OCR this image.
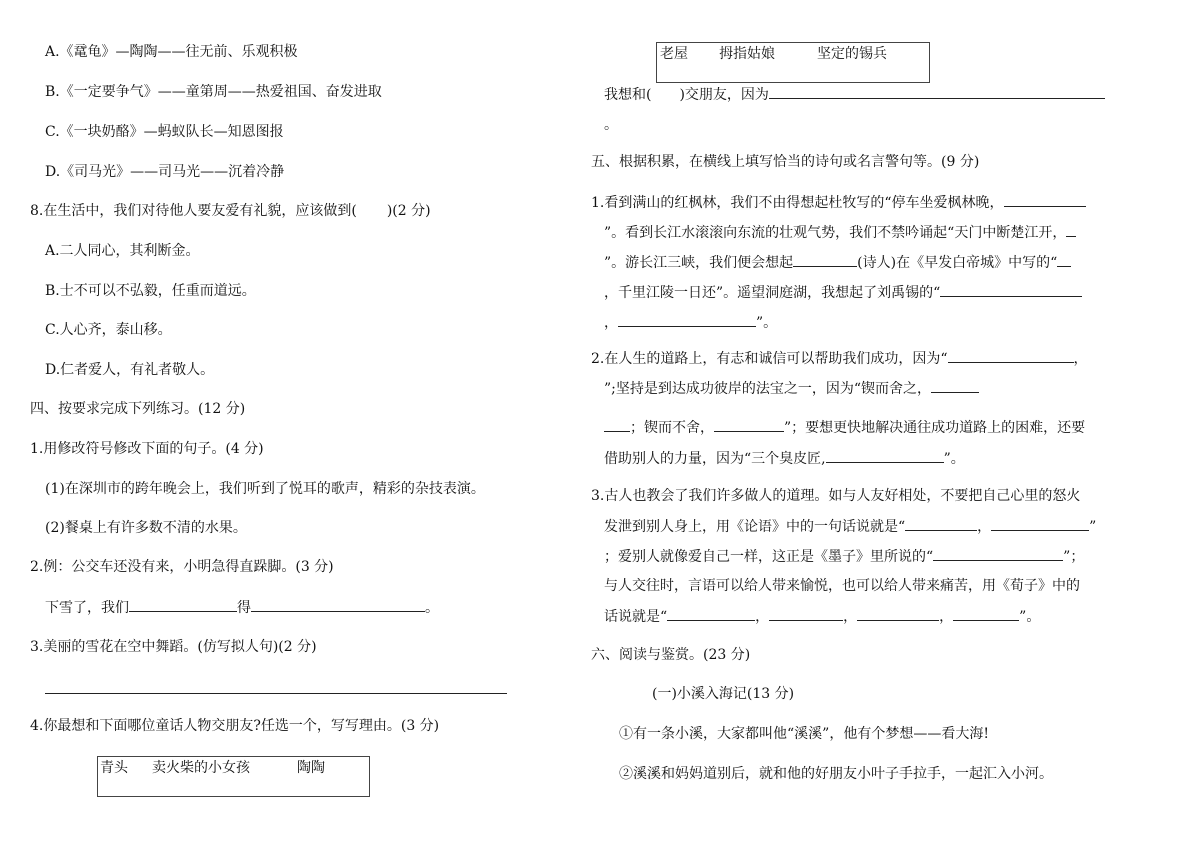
A.《鼋龟》—陶陶——往无前、乐观积极
B.《一定要争气》——童第周——热爱祖国、奋发进取
C.《一块奶酪》—蚂蚁队长—知恩图报
D.《司马光》——司马光——沉着冷静
8.在生活中，我们对待他人要友爱有礼貌，应该做到( )(2 分)
A.二人同心，其利断金。
B.士不可以不弘毅，任重而道远。
C.人心齐，泰山移。
D.仁者爱人，有礼者敬人。
四、按要求完成下列练习。(12 分)
1.用修改符号修改下面的句子。(4 分)
(1)在深圳市的跨年晚会上，我们听到了悦耳的歌声，精彩的杂技表演。
(2)餐桌上有许多数不清的水果。
2.例：公交车还没有来，小明急得直跺脚。(3 分)
下雪了，我们	得	。
3.美丽的雪花在空中舞蹈。(仿写拟人句)(2 分)
4.你最想和下面哪位童话人物交朋友?任选一个，写写理由。(3 分)
青头 卖火柴的小女孩	陶陶
老屋 拇指姑娘	坚定的锡兵
我想和( )交朋友，因为
。
五、根据积累，在横线上填写恰当的诗句或名言警句等。(9 分)
1.看到满山的红枫林，我们不由得想起杜牧写的“停车坐爱枫林晚，
”。看到长江水滚滚向东流的壮观气势，我们不禁吟诵起“天门中断楚江开，
”。游长江三峡，我们便会想起	(诗人)在《早发白帝城》中写的“
，千里江陵一日还”。遥望洞庭湖，我想起了刘禹锡的“
，	”。
2.在人生的道路上，有志和诚信可以帮助我们成功，因为“	，
”;坚持是到达成功彼岸的法宝之一，因为“锲而舍之，
；锲而不舍，	”；要想更快地解决通往成功道路上的困难，还要
借助别人的力量，因为“三个臭皮匠,	”。
3.古人也教会了我们许多做人的道理。如与人友好相处，不要把自己心里的怒火
发泄到别人身上，用《论语》中的一句话说就是“	，	”
；爱别人就像爱自己一样，这正是《墨子》里所说的“	”；
与人交往时，言语可以给人带来愉悦，也可以给人带来痛苦，用《荀子》中的
话说就是“	，	，	，	”。
六、阅读与鉴赏。(23 分)
(一)小溪入海记(13 分)
①有一条小溪，大家都叫他“溪溪”，他有个梦想——看大海!
②溪溪和妈妈道别后，就和他的好朋友小叶子手拉手，一起汇入小河。
